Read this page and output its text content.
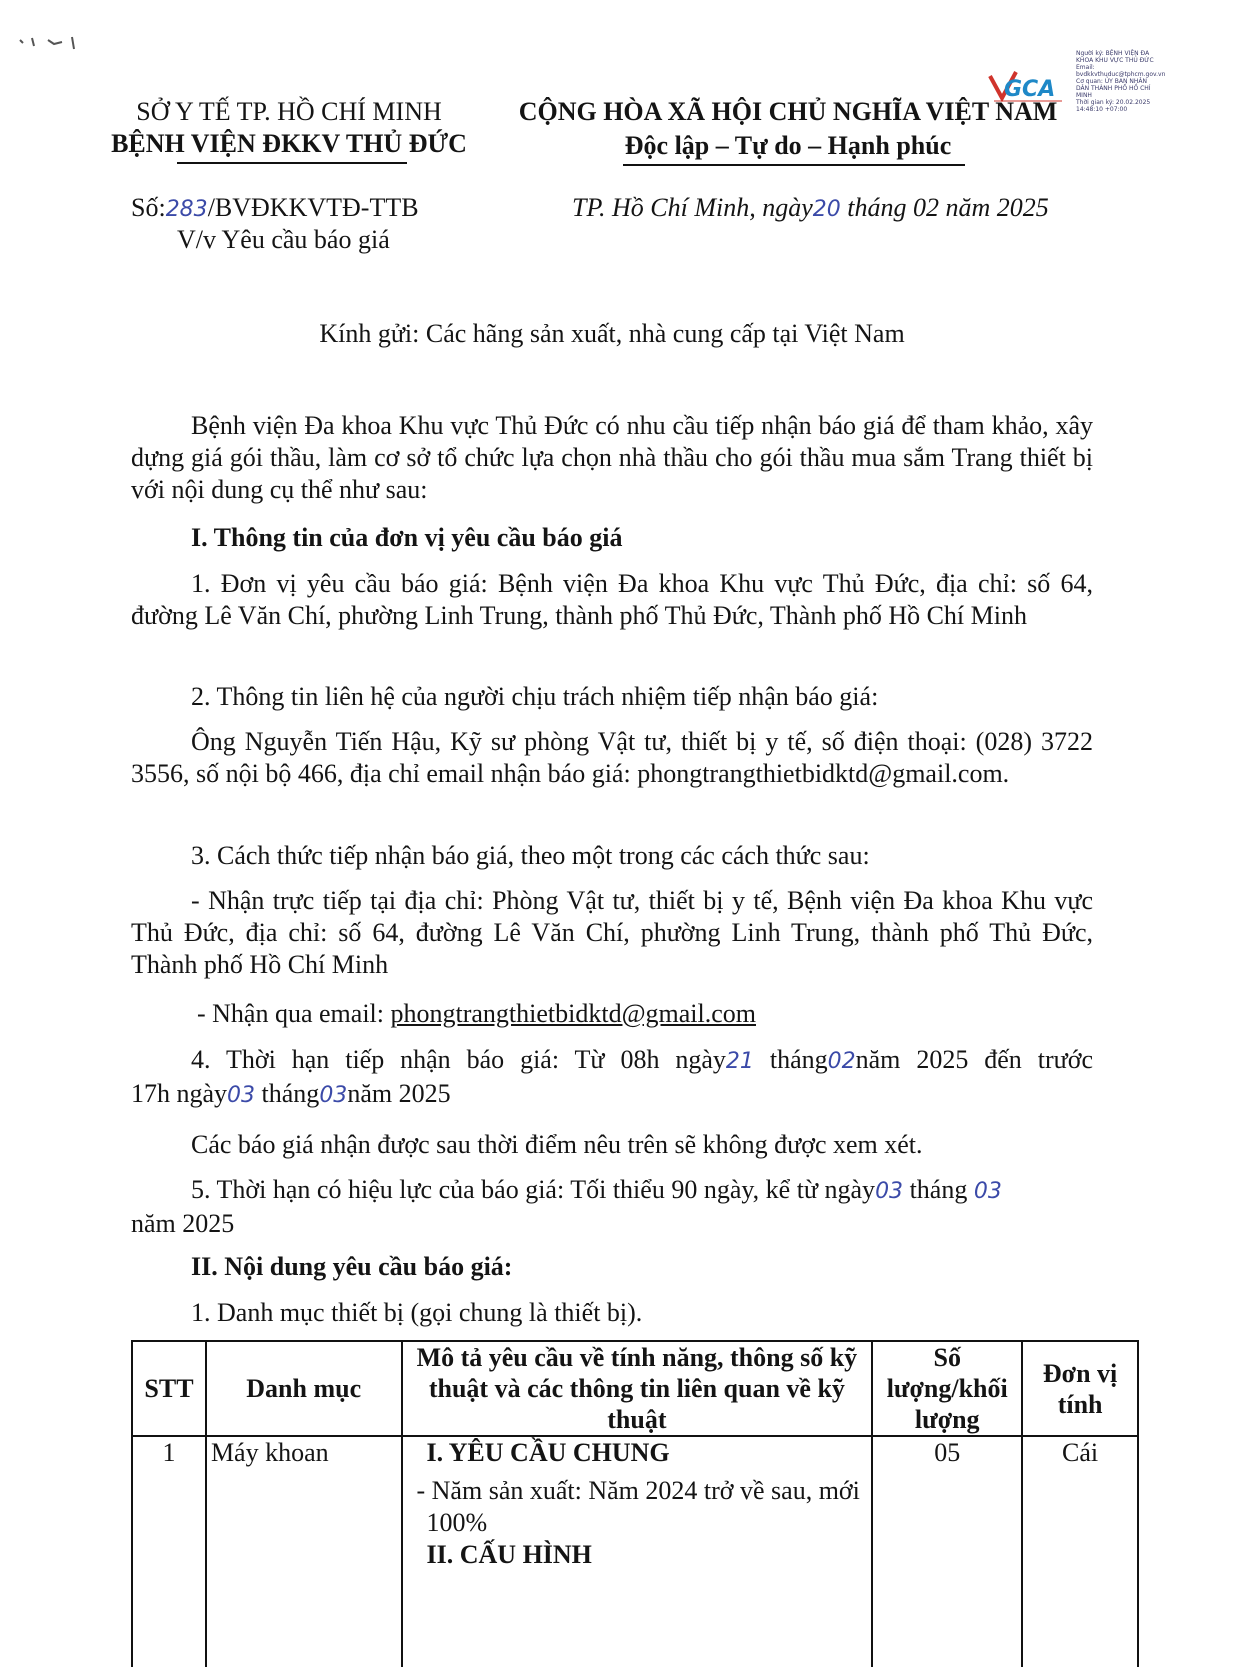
SỞ Y TẾ TP. HỒ CHÍ MINH
BỆNH VIỆN ĐKKV THỦ ĐỨC
CỘNG HÒA XÃ HỘI CHỦ NGHĨA VIỆT NAM
Độc lập – Tự do – Hạnh phúc
GCA
Người ký: BỆNH VIỆN ĐA
KHOA KHU VỰC THỦ ĐỨC
Email:
bvdkkvthuduc@tphcm.gov.vn
Cơ quan: ỦY BAN NHÂN
DÂN THÀNH PHỐ HỒ CHÍ
MINH
Thời gian ký: 20.02.2025
14:48:10 +07:00
Số:283/BVĐKKVTĐ-TTB
V/v Yêu cầu báo giá
TP. Hồ Chí Minh, ngày20 tháng 02 năm 2025
Kính gửi: Các hãng sản xuất, nhà cung cấp tại Việt Nam
Bệnh viện Đa khoa Khu vực Thủ Đức có nhu cầu tiếp nhận báo giá để tham khảo, xây dựng giá gói thầu, làm cơ sở tổ chức lựa chọn nhà thầu cho gói thầu mua sắm Trang thiết bị với nội dung cụ thể như sau:
I. Thông tin của đơn vị yêu cầu báo giá
1. Đơn vị yêu cầu báo giá: Bệnh viện Đa khoa Khu vực Thủ Đức, địa chỉ: số 64, đường Lê Văn Chí, phường Linh Trung, thành phố Thủ Đức, Thành phố Hồ Chí Minh
2. Thông tin liên hệ của người chịu trách nhiệm tiếp nhận báo giá:
Ông Nguyễn Tiến Hậu, Kỹ sư phòng Vật tư, thiết bị y tế, số điện thoại: (028) 3722 3556, số nội bộ 466, địa chỉ email nhận báo giá: phongtrangthietbidktd@gmail.com.
3. Cách thức tiếp nhận báo giá, theo một trong các cách thức sau:
- Nhận trực tiếp tại địa chỉ: Phòng Vật tư, thiết bị y tế, Bệnh viện Đa khoa Khu vực Thủ Đức, địa chỉ: số 64, đường Lê Văn Chí, phường Linh Trung, thành phố Thủ Đức, Thành phố Hồ Chí Minh
- Nhận qua email: phongtrangthietbidktd@gmail.com
4. Thời hạn tiếp nhận báo giá: Từ 08h ngày21 tháng02năm 2025 đến trước
17h ngày03 tháng03năm 2025
Các báo giá nhận được sau thời điểm nêu trên sẽ không được xem xét.
5. Thời hạn có hiệu lực của báo giá: Tối thiểu 90 ngày, kể từ ngày03 tháng 03
năm 2025
II. Nội dung yêu cầu báo giá:
1. Danh mục thiết bị (gọi chung là thiết bị).
STT	Danh mục	Mô tả yêu cầu về tính năng, thông số kỹ thuật và các thông tin liên quan về kỹ thuật	Số lượng/khối lượng	Đơn vị tính
1	Máy khoan	I. YÊU CẦU CHUNG
- Năm sản xuất: Năm 2024 trở về sau, mới 100%
II. CẤU HÌNH	05	Cái
